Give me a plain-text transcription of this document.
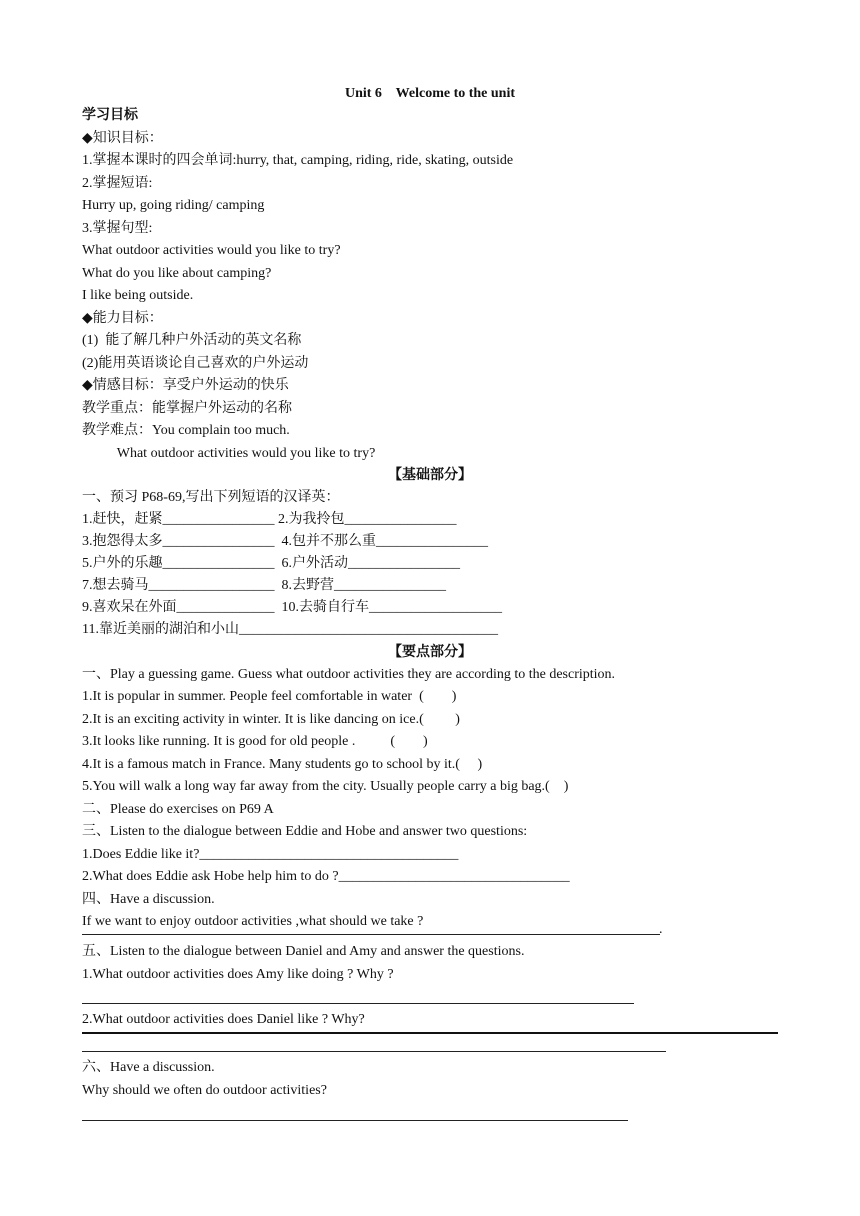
Unit 6    Welcome to the unit
学习目标
◆知识目标：
1.掌握本课时的四会单词:hurry, that, camping, riding, ride, skating, outside
2.掌握短语:
Hurry up, going riding/ camping
3.掌握句型:
What outdoor activities would you like to try?
What do you like about camping?
I like being outside.
◆能力目标：
(1)  能了解几种户外活动的英文名称
(2)能用英语谈论自己喜欢的户外运动
◆情感目标：享受户外运动的快乐
教学重点：能掌握户外运动的名称
教学难点：You complain too much.
What outdoor activities would you like to try?
【基础部分】
一、预习 P68-69,写出下列短语的汉译英：
1.赶快，赶紧________________ 2.为我拎包________________
3.抱怨得太多________________  4.包并不那么重________________
5.户外的乐趣________________  6.户外活动________________
7.想去骑马__________________  8.去野营________________
9.喜欢呆在外面______________  10.去骑自行车___________________
11.靠近美丽的湖泊和小山_____________________________________
【要点部分】
一、Play a guessing game. Guess what outdoor activities they are according to the description.
1.It is popular in summer. People feel comfortable in water  (        )
2.It is an exciting activity in winter. It is like dancing on ice.(         )
3.It looks like running. It is good for old people .          (        )
4.It is a famous match in France. Many students go to school by it.(     )
5.You will walk a long way far away from the city. Usually people carry a big bag.(    )
二、Please do exercises on P69 A
三、Listen to the dialogue between Eddie and Hobe and answer two questions:
1.Does Eddie like it?_____________________________________
2.What does Eddie ask Hobe help him to do ?_________________________________
四、Have a discussion.
If we want to enjoy outdoor activities ,what should we take ?
.
五、Listen to the dialogue between Daniel and Amy and answer the questions.
1.What outdoor activities does Amy like doing ? Why ?
2.What outdoor activities does Daniel like ? Why?
六、Have a discussion.
Why should we often do outdoor activities?
